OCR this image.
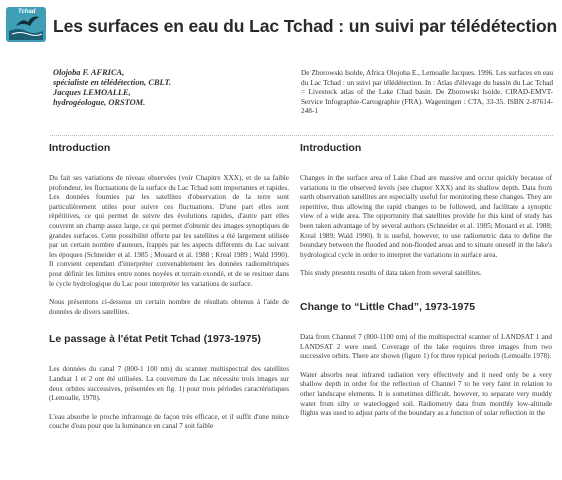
Tchad
Les surfaces en eau du Lac Tchad : un suivi par télédétection
Olojoba F. AFRICA,
spécialiste en télédétection, CBLT.
Jacques LEMOALLE,
hydrogéologue, ORSTOM.
De Zborowski Isolde, Africa Olojoba E., Lemoalle Jacques. 1996. Les surfaces en eau du Lac Tchad : un suivi par télédétection. In : Atlas d'élevage du bassin du Lac Tchad = Livestock atlas of the Lake Chad basin. De Zborowski Isolde. CIRAD-EMVT-Service Infographie-Cartographie (FRA). Wageningen : CTA, 33-35. ISBN 2-87614-248-1
Introduction

Du fait ses variations de niveau observées (voir Chapitre XXX), et de sa faible profondeur, les fluctuations de la surface du Lac Tchad sont importantes et rapides. Les données fournies par les satellites d'observation de la terre sont particulièrement utiles pour suivre ces fluctuations. D'une part elles sont répétitives, ce qui permet de suivre des évolutions rapides, d'autre part elles couvrent un champ assez large, ce qui permet d'obtenir des images synoptiques de grandes surfaces. Cette possibilité offerte par les satellites a été largement utilisée par un certain nombre d'auteurs, frappés par les aspects différents du Lac suivant les époques (Schneider et al. 1985 ; Mouard et al. 1988 ; Kreal 1989 ; Wald 1990). Il convient cependant d'interpréter convenablement les données radiométriques pour définir les limites entre zones noyées et terrain exondé, et de se resituer dans le cycle hydrologique du Lac pour interpréter les variations de surface.

Nous présentons ci-dessous un certain nombre de résultats obtenus à l'aide de données de divers satellites.

Le passage à l'état Petit Tchad (1973-1975)

Les données du canal 7 (800-1 100 nm) du scanner multispectral des satellites Landsat 1 et 2 ont été utilisées. La couverture du Lac nécessite trois images sur deux orbites successives, présentées en fig. 1) pour trois périodes caractéristiques (Lemoalle, 1978).

L'eau absorbe le proche infrarouge de façon très efficace, et il suffit d'une mince couche d'eau pour que la luminance en canal 7 soit faible

Introduction

Changes in the surface area of Lake Chad are massive and occur quickly because of variations in the observed levels (see chapter XXX) and its shallow depth. Data from earth observation satellites are especially useful for monitoring these changes. They are repetitive, thus allowing the rapid changes to be followed, and facilitate a synoptic view of a wide area. The opportunity that satellites provide for this kind of study has been taken advantage of by several authors (Schneider et al. 1985; Mouard et al. 1988; Kreal 1989; Wald 1990). It is useful, however, to use radiometric data to define the boundary between the flooded and non-flooded areas and to situate oneself in the lake's hydrological cycle in order to interpret the variations in surface area.

This study presents results of data taken from several satellites.

Change to “Little Chad”, 1973-1975

Data from Channel 7 (800-1100 nm) of the multispectral scanner of LANDSAT 1 and LANDSAT 2 were used. Coverage of the lake requires three images from two successive orbits. There are shown (figure 1) for three typical periods (Lemoalle 1978).

Water absorbs near infrared radiation very effectively and it need only be a very shallow depth in order for the reflection of Channel 7 to be very faint in relation to other landscape elements. It is sometimes difficult, however, to separate very muddy water from silty or waterlogged soil. Radiometry data from monthly low-altitude flights was used to adjust parts of the boundary as a function of solar reflection in the
